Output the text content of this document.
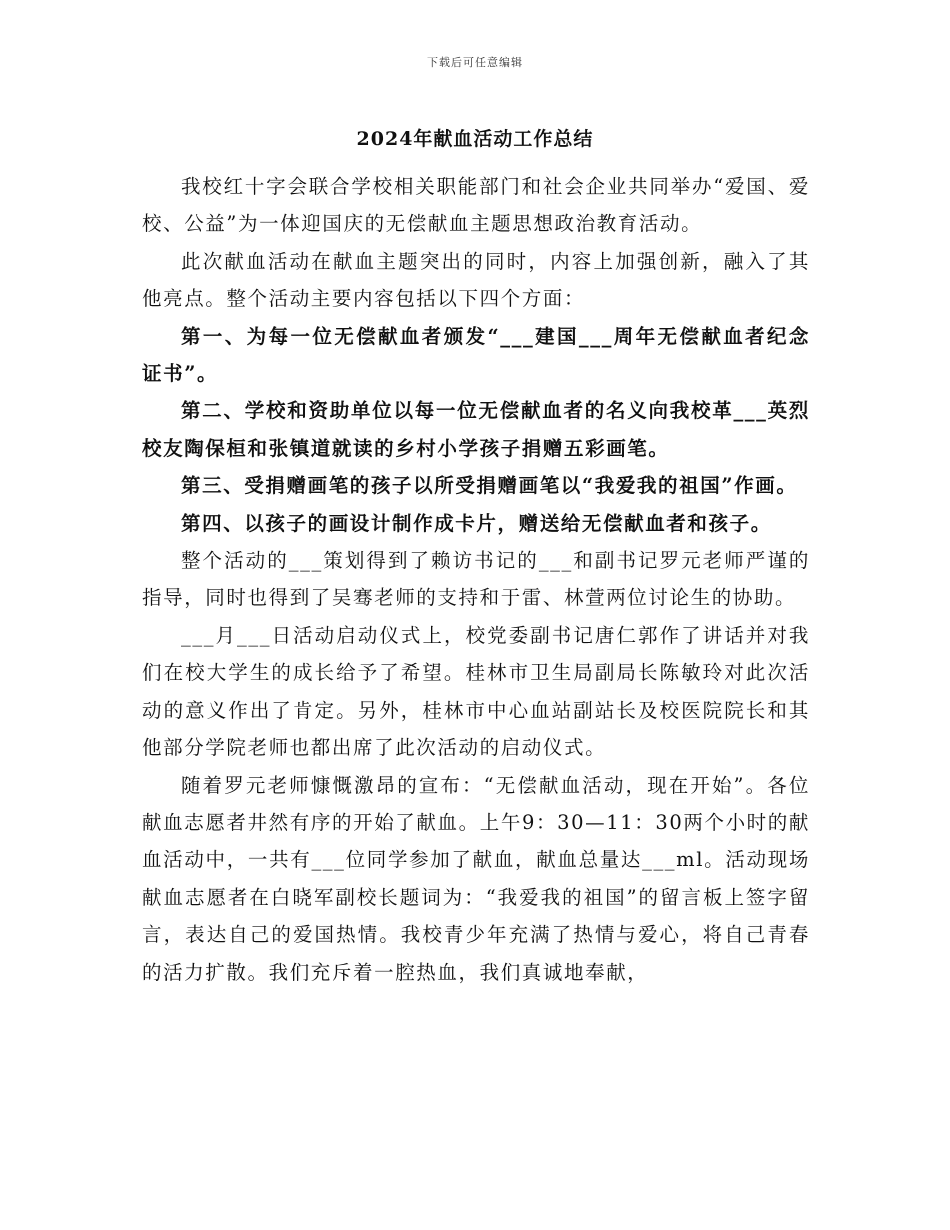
下载后可任意编辑
2024年献血活动工作总结

我校红十字会联合学校相关职能部门和社会企业共同举办“爱国、爱校、公益”为一体迎国庆的无偿献血主题思想政治教育活动。

此次献血活动在献血主题突出的同时，内容上加强创新，融入了其他亮点。整个活动主要内容包括以下四个方面：

第一、为每一位无偿献血者颁发“___建国___周年无偿献血者纪念证书”。

第二、学校和资助单位以每一位无偿献血者的名义向我校革___英烈校友陶保桓和张镇道就读的乡村小学孩子捐赠五彩画笔。

第三、受捐赠画笔的孩子以所受捐赠画笔以“我爱我的祖国”作画。

第四、以孩子的画设计制作成卡片，赠送给无偿献血者和孩子。

整个活动的___策划得到了赖访书记的___和副书记罗元老师严谨的指导，同时也得到了吴骞老师的支持和于雷、林萱两位讨论生的协助。

___月___日活动启动仪式上，校党委副书记唐仁郭作了讲话并对我们在校大学生的成长给予了希望。桂林市卫生局副局长陈敏玲对此次活动的意义作出了肯定。另外，桂林市中心血站副站长及校医院院长和其他部分学院老师也都出席了此次活动的启动仪式。

随着罗元老师慷慨激昂的宣布：“无偿献血活动，现在开始”。各位献血志愿者井然有序的开始了献血。上午9：30—11：30两个小时的献血活动中，一共有___位同学参加了献血，献血总量达___ml。活动现场献血志愿者在白晓军副校长题词为：“我爱我的祖国”的留言板上签字留言，表达自己的爱国热情。我校青少年充满了热情与爱心，将自己青春的活力扩散。我们充斥着一腔热血，我们真诚地奉献，
